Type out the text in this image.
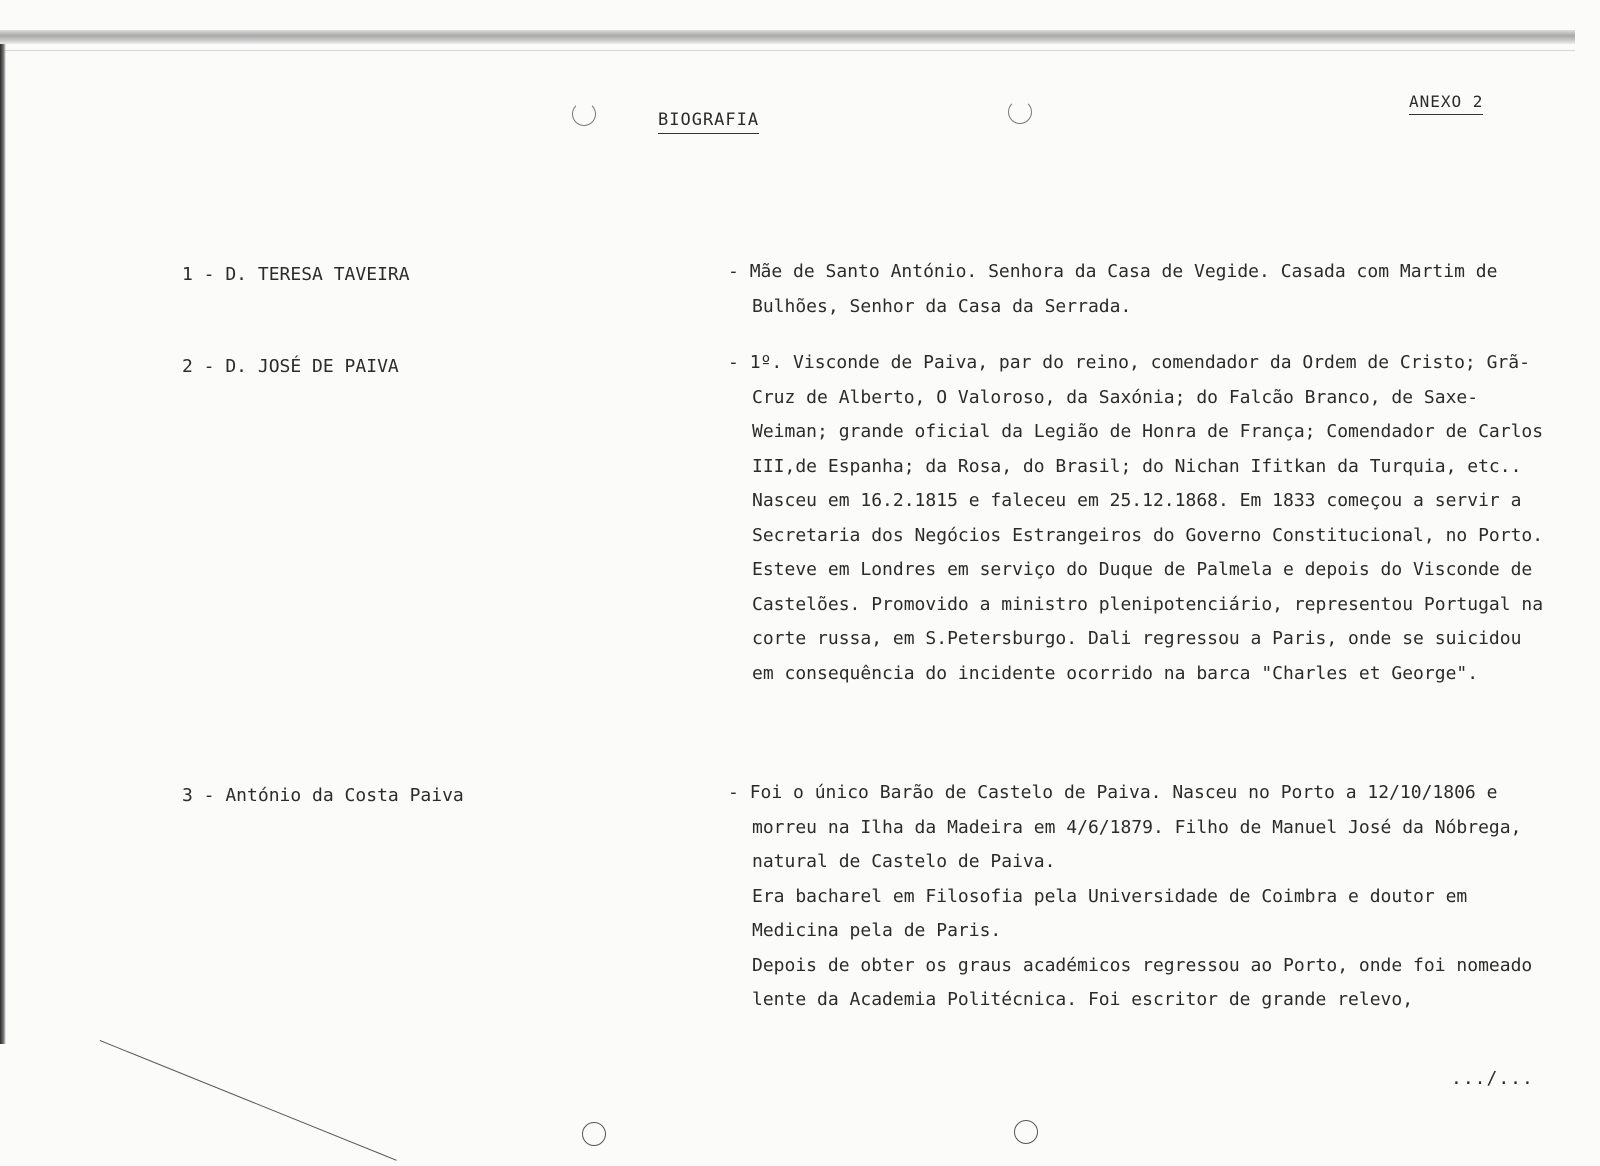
BIOGRAFIA
ANEXO 2
1 - D. TERESA TAVEIRA	- Mãe de Santo António. Senhora da Casa de Vegide. Casada com Martim de Bulhões, Senhor da Casa da Serrada.

2 - D. JOSÉ DE PAIVA	- 1º. Visconde de Paiva, par do reino, comendador da Ordem de Cristo; Grã-Cruz de Alberto, O Valoroso, da Saxónia; do Falcão Branco, de Saxe-Weiman; grande oficial da Legião de Honra de França; Comendador de Carlos III,de Espanha; da Rosa, do Brasil; do Nichan Ifitkan da Turquia, etc..

Nasceu em 16.2.1815 e faleceu em 25.12.1868. Em 1833 começou a servir a Secretaria dos Negócios Estrangeiros do Governo Constitucional, no Porto. Esteve em Londres em serviço do Duque de Palmela e depois do Visconde de Castelões. Promovido a ministro plenipotenciário, representou Portugal na corte russa, em S.Petersburgo. Dali regressou a Paris, onde se suicidou em consequência do incidente ocorrido na barca "Charles et George".

3 - António da Costa Paiva	- Foi o único Barão de Castelo de Paiva. Nasceu no Porto a 12/10/1806 e morreu na Ilha da Madeira em 4/6/1879. Filho de Manuel José da Nóbrega, natural de Castelo de Paiva.

Era bacharel em Filosofia pela Universidade de Coimbra e doutor em Medicina pela de Paris.

Depois de obter os graus académicos regressou ao Porto, onde foi nomeado lente da Academia Politécnica. Foi escritor de grande relevo,

.../...
